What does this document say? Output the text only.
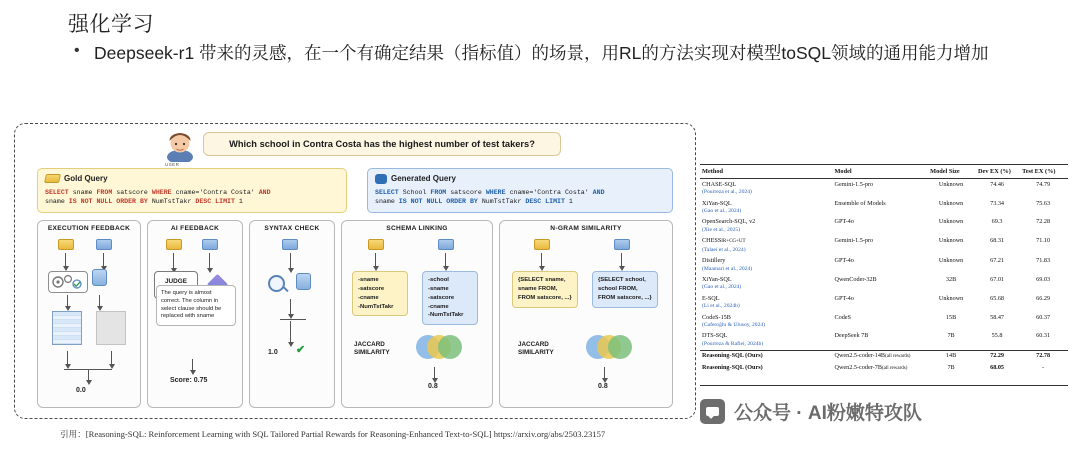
强化学习
• Deepseek-r1 带来的灵感，在一个有确定结果（指标值）的场景，用RL的方法实现对模型toSQL领域的通用能力增加
USER
Which school in Contra Costa has the highest number of test takers?
Gold Query
SELECT sname FROM satscore WHERE cname='Contra Costa' AND
sname IS NOT NULL ORDER BY NumTstTakr DESC LIMIT 1
Generated Query
SELECT School FROM satscore WHERE cname='Contra Costa' AND
sname IS NOT NULL ORDER BY NumTstTakr DESC LIMIT 1
EXECUTION FEEDBACK
0.0
AI FEEDBACK
JUDGE
The query is almost correct. The column in select clause should be replaced with sname
Score: 0.75
SYNTAX CHECK
1.0 ✔
SCHEMA LINKING
-sname
-satscore
-cname
-NumTstTakr
-school
-sname
-satscore
-cname
-NumTstTakr
JACCARD
SIMILARITY
0.8
N-GRAM SIMILARITY
{SELECT sname, sname FROM, FROM satscore, ...}
{SELECT school, school FROM, FROM satscore, ...}
JACCARD
SIMILARITY
0.8
Method	Model	Model Size	Dev EX (%)	Test EX (%)
CHASE-SQL
(Pourreza et al., 2024)	Gemini-1.5-pro	Unknown	74.46	74.79
XiYan-SQL
(Gao et al., 2024)	Ensemble of Models	Unknown	73.34	75.63
OpenSearch-SQL, v2
(Xie et al., 2025)	GPT-4o	Unknown	69.3	72.28
CHESSIR+CG+UT
(Talaei et al., 2024)	Gemini-1.5-pro	Unknown	68.31	71.10
Distillery
(Maamari et al., 2024)	GPT-4o	Unknown	67.21	71.83
XiYan-SQL
(Gao et al., 2024)	QwenCoder-32B	32B	67.01	69.03
E-SQL
(Li et al., 2024b)	GPT-4o	Unknown	65.68	66.29
CodeS-15B
(Caferoğlu & Ulusoy, 2024)	CodeS	15B	58.47	60.37
DTS-SQL
(Pourreza & Rafiei, 2024b)	DeepSeek 7B	7B	55.8	60.31
Reasoning-SQL (Ours)	Qwen2.5-coder-14B(all rewards)	14B	72.29	72.78
Reasoning-SQL (Ours)	Qwen2.5-coder-7B(all rewards)	7B	68.05	-
公众号 · AI粉嫩特攻队
引用：[Reasoning-SQL: Reinforcement Learning with SQL Tailored Partial Rewards for Reasoning-Enhanced Text-to-SQL] https://arxiv.org/abs/2503.23157
